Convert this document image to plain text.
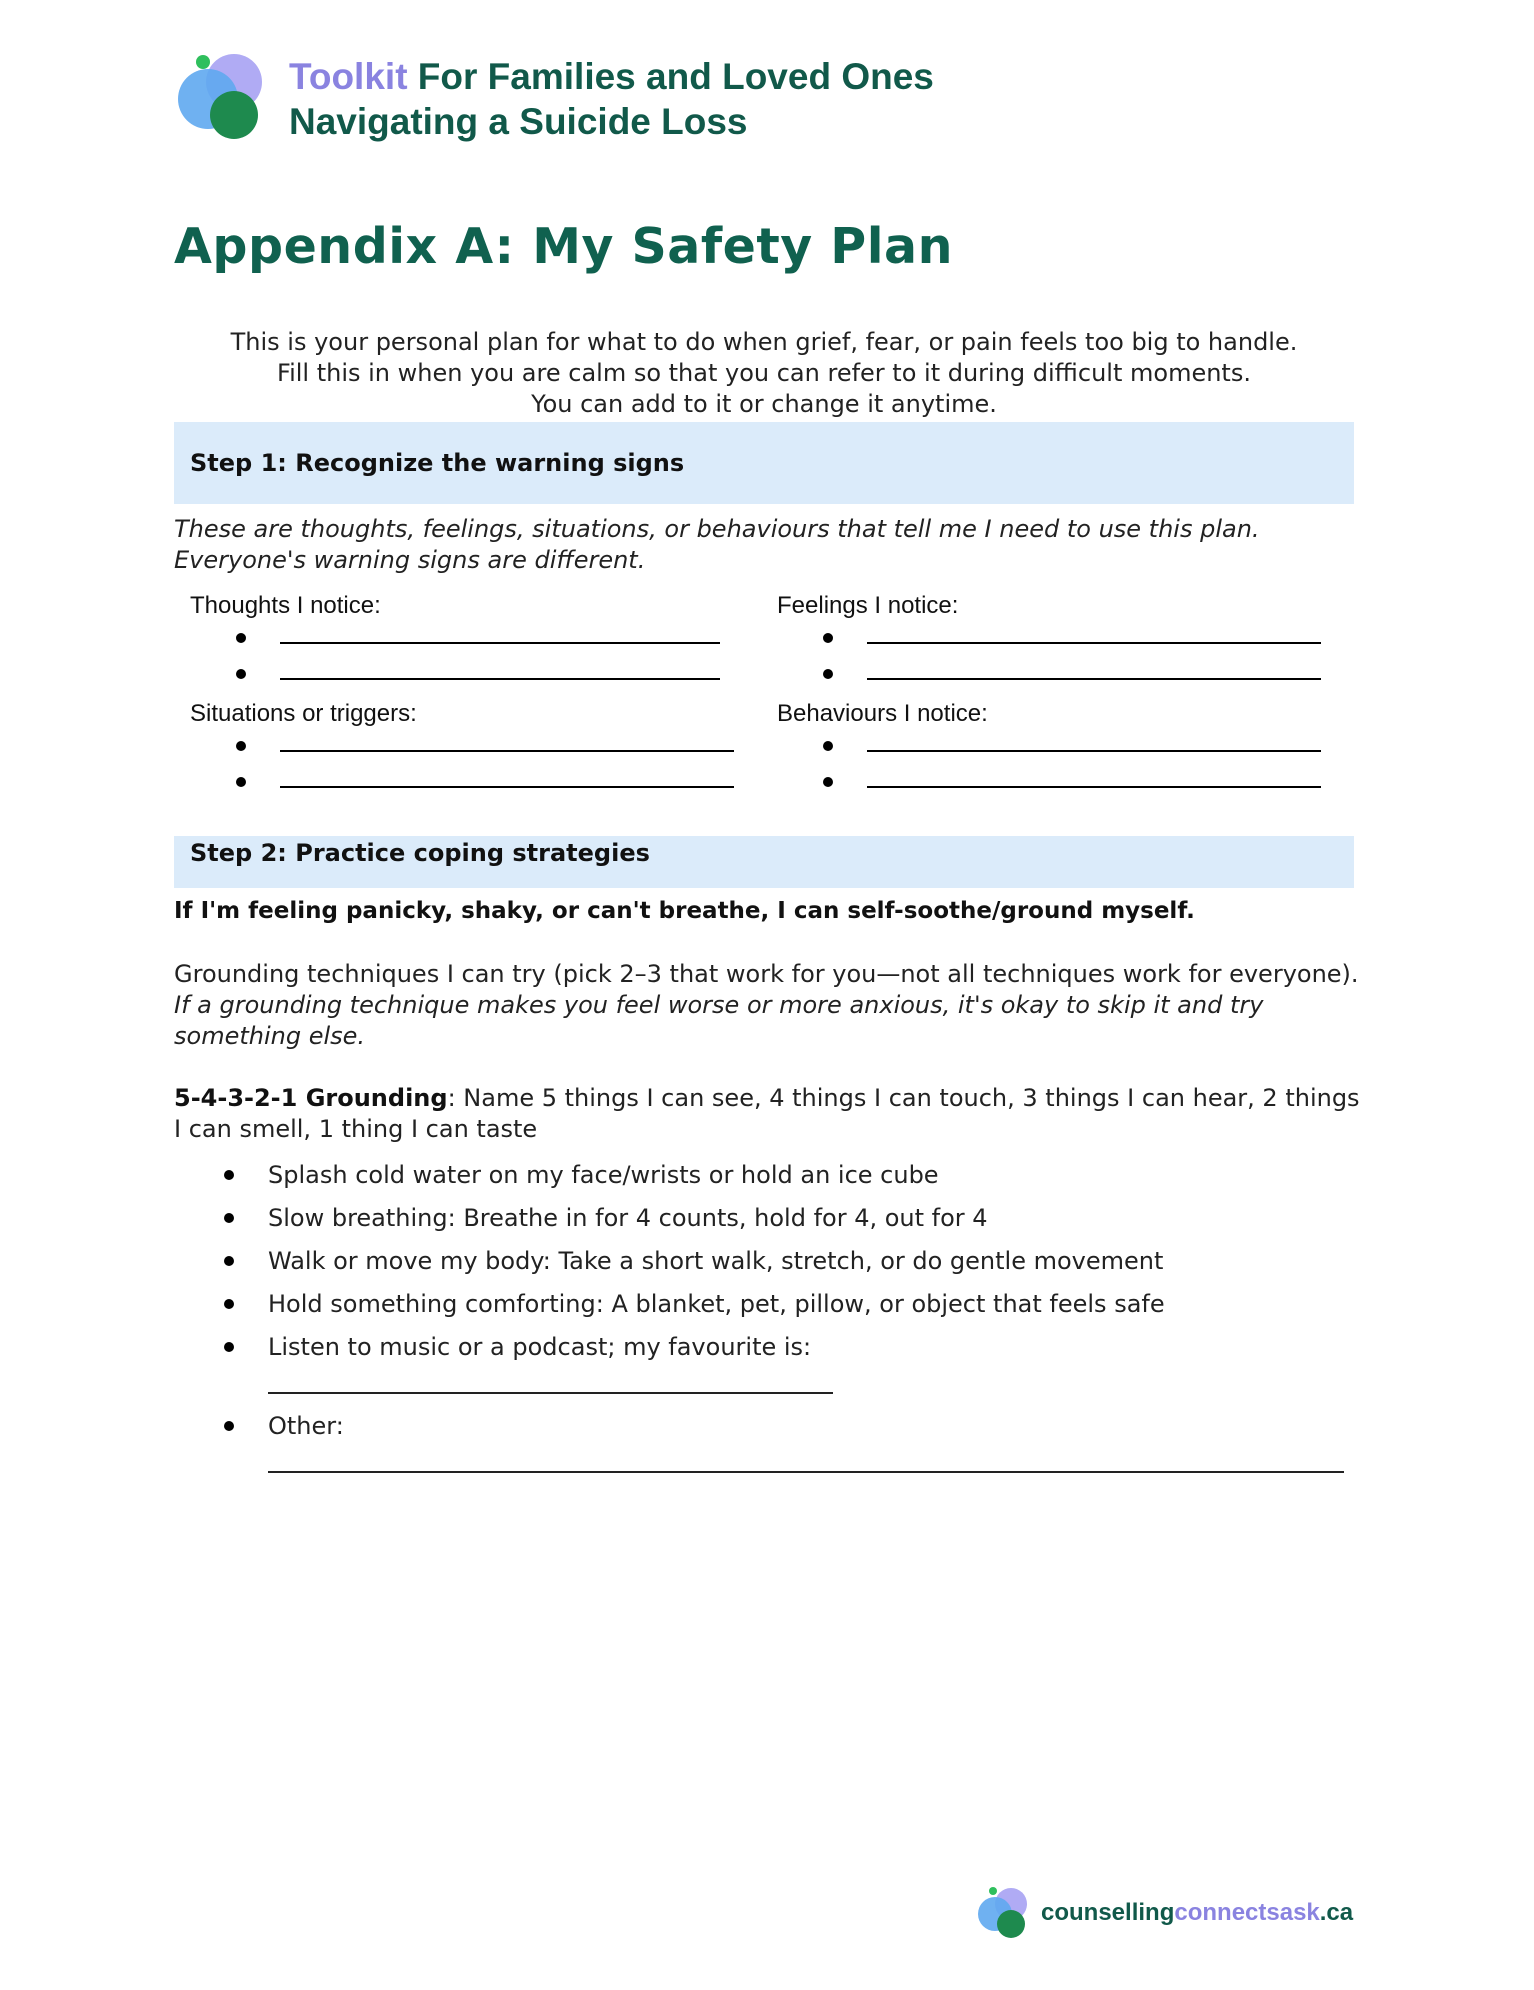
Toolkit For Families and Loved Ones
Navigating a Suicide Loss
Appendix A: My Safety Plan
This is your personal plan for what to do when grief, fear, or pain feels too big to handle.
Fill this in when you are calm so that you can refer to it during difficult moments.
You can add to it or change it anytime.
Step 1: Recognize the warning signs
These are thoughts, feelings, situations, or behaviours that tell me I need to use this plan. Everyone's warning signs are different.
Thoughts I notice:	Feelings I notice:
Situations or triggers:	Behaviours I notice:
Step 2: Practice coping strategies
If I'm feeling panicky, shaky, or can't breathe, I can self-soothe/ground myself.
Grounding techniques I can try (pick 2–3 that work for you—not all techniques work for everyone). If a grounding technique makes you feel worse or more anxious, it's okay to skip it and try something else.
5-4-3-2-1 Grounding: Name 5 things I can see, 4 things I can touch, 3 things I can hear, 2 things I can smell, 1 thing I can taste
Splash cold water on my face/wrists or hold an ice cube
Slow breathing: Breathe in for 4 counts, hold for 4, out for 4
Walk or move my body: Take a short walk, stretch, or do gentle movement
Hold something comforting: A blanket, pet, pillow, or object that feels safe
Listen to music or a podcast; my favourite is:
Other:
counsellingconnectsask.ca
